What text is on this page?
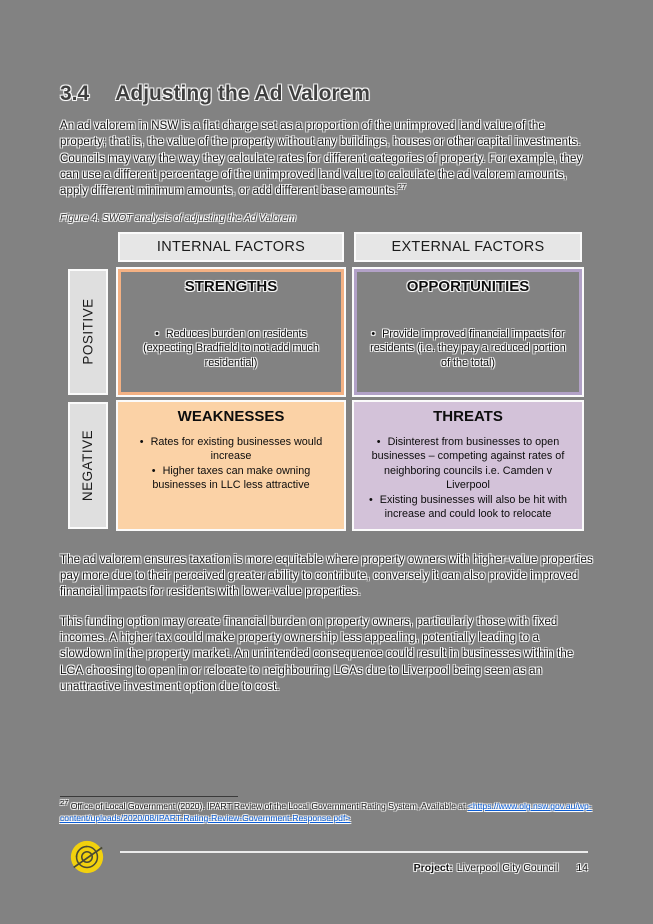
3.4 Adjusting the Ad Valorem

An ad valorem in NSW is a flat charge set as a proportion of the unimproved land value of the property; that is, the value of the property without any buildings, houses or other capital investments. Councils may vary the way they calculate rates for different categories of property. For example, they can use a different percentage of the unimproved land value to calculate the ad valorem amounts, apply different minimum amounts, or add different base amounts.$^{27}$

Figure 4. SWOT analysis of adjusting the Ad Valorem

INTERNAL FACTORS	EXTERNAL FACTORS
POSITIVE
STRENGTHS
• Reduces burden on residents (expecting Bradfield to not add much residential)
OPPORTUNITIES
• Provide improved financial impacts for residents (i.e. they pay a reduced portion of the total)
NEGATIVE
WEAKNESSES
• Rates for existing businesses would increase
• Higher taxes can make owning businesses in LLC less attractive
THREATS
• Disinterest from businesses to open businesses – competing against rates of neighboring councils i.e. Camden v Liverpool
• Existing businesses will also be hit with increase and could look to relocate

The ad valorem ensures taxation is more equitable where property owners with higher-value properties pay more due to their perceived greater ability to contribute, conversely it can also provide improved financial impacts for residents with lower-value properties.

This funding option may create financial burden on property owners, particularly those with fixed incomes. A higher tax could make property ownership less appealing, potentially leading to a slowdown in the property market. An unintended consequence could result in businesses within the LGA choosing to open in or relocate to neighbouring LGAs due to Liverpool being seen as an unattractive investment option due to cost.

$^{27}$ Office of Local Government (2020). IPART Review of the Local Government Rating System, Available at <https://www.olg.nsw.gov.au/wp-content/uploads/2020/08/IPART-Rating-Review-Government-Response.pdf>

Project: Liverpool City Council 14
